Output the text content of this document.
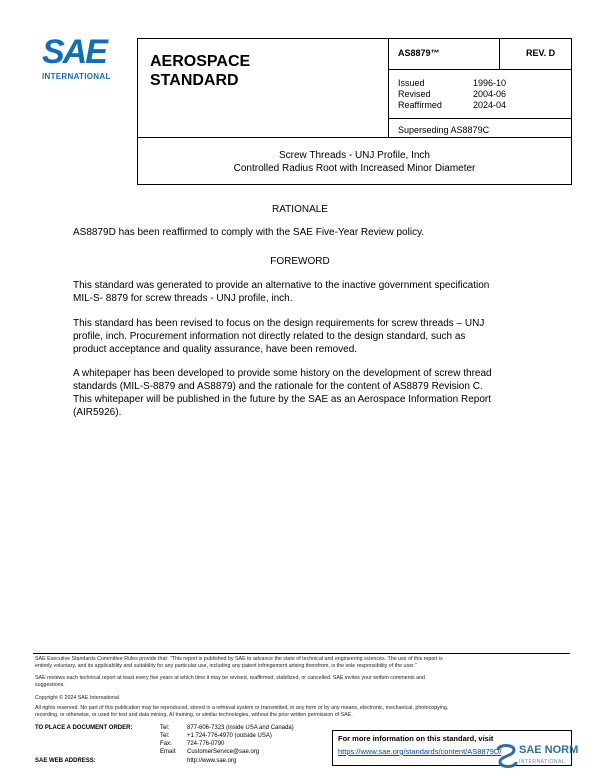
SAE
INTERNATIONAL
AEROSPACE
STANDARD
AS8879™	REV. D
Issued	1996-10
Revised	2004-06
Reaffirmed	2024-04
Superseding AS8879C
Screw Threads - UNJ Profile, Inch
Controlled Radius Root with Increased Minor Diameter
RATIONALE
AS8879D has been reaffirmed to comply with the SAE Five-Year Review policy.
FOREWORD
This standard was generated to provide an alternative to the inactive government specification
MIL-S- 8879 for screw threads - UNJ profile, inch.
This standard has been revised to focus on the design requirements for screw threads – UNJ
profile, inch. Procurement information not directly related to the design standard, such as
product acceptance and quality assurance, have been removed.
A whitepaper has been developed to provide some history on the development of screw thread
standards (MIL-S-8879 and AS8879) and the rationale for the content of AS8879 Revision C.
This whitepaper will be published in the future by the SAE as an Aerospace Information Report
(AIR5926).
SAE Executive Standards Committee Rules provide that: "This report is published by SAE to advance the state of technical and engineering sciences. The use of this report is
entirely voluntary, and its applicability and suitability for any particular use, including any patent infringement arising therefrom, is the sole responsibility of the user."
SAE reviews each technical report at least every five years at which time it may be revised, reaffirmed, stabilized, or cancelled. SAE invites your written comments and
suggestions.
Copyright © 2024 SAE International
All rights reserved. No part of this publication may be reproduced, stored in a retrieval system or transmitted, in any form or by any means, electronic, mechanical, photocopying,
recording, or otherwise, or used for text and data mining, AI training, or similar technologies, without the prior written permission of SAE.
TO PLACE A DOCUMENT ORDER:
SAE WEB ADDRESS:
Tel:	877-606-7323 (inside USA and Canada)
Tel:	+1 724-776-4970 (outside USA)
Fax:	724-776-0790
Email: CustomerService@sae.org
http://www.sae.org
For more information on this standard, visit
https://www.sae.org/standards/content/AS8879D/ SAE NORM
INTERNATIONAL
